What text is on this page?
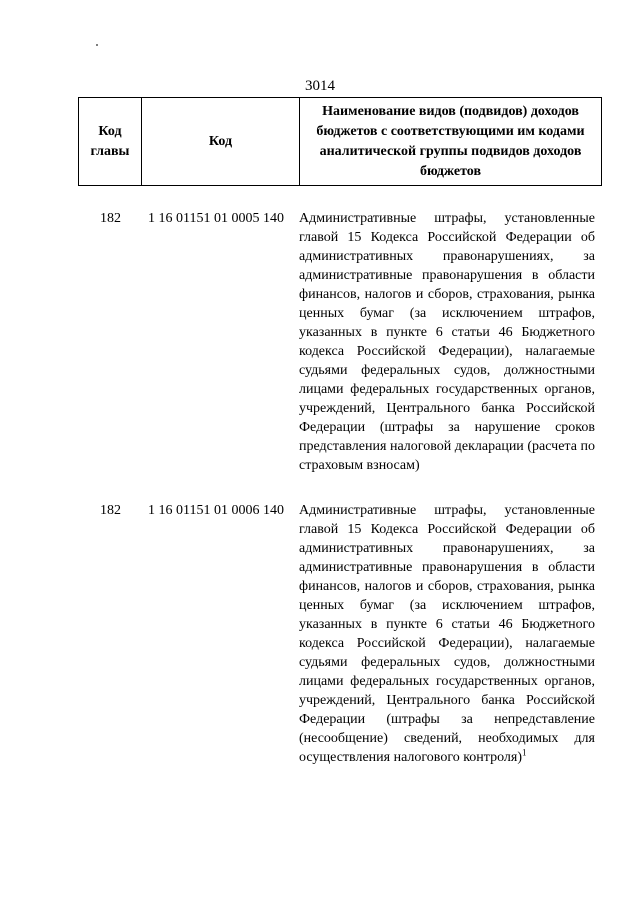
3014
Код главы	Код	Наименование видов (подвидов) доходов бюджетов с соответствующими им кодами аналитической группы подвидов доходов бюджетов
182	1 16 01151 01 0005 140	Административные штрафы, установленные главой 15 Кодекса Российской Федерации об административных правонарушениях, за административные правонарушения в области финансов, налогов и сборов, страхования, рынка ценных бумаг (за исключением штрафов, указанных в пункте 6 статьи 46 Бюджетного кодекса Российской Федерации), налагаемые судьями федеральных судов, должностными лицами федеральных государственных органов, учреждений, Центрального банка Российской Федерации (штрафы за нарушение сроков представления налоговой декларации (расчета по страховым взносам)
182	1 16 01151 01 0006 140	Административные штрафы, установленные главой 15 Кодекса Российской Федерации об административных правонарушениях, за административные правонарушения в области финансов, налогов и сборов, страхования, рынка ценных бумаг (за исключением штрафов, указанных в пункте 6 статьи 46 Бюджетного кодекса Российской Федерации), налагаемые судьями федеральных судов, должностными лицами федеральных государственных органов, учреждений, Центрального банка Российской Федерации (штрафы за непредставление (несообщение) сведений, необходимых для осуществления налогового контроля)$^1$
